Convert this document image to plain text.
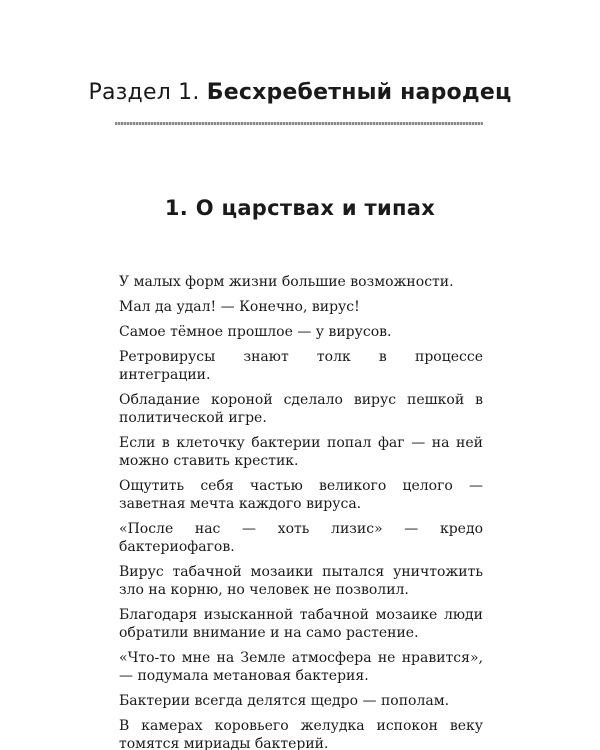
Раздел 1. Бесхребетный народец
1. О царствах и типах

У малых форм жизни большие возможности.

Мал да удал! — Конечно, вирус!

Самое тёмное прошлое — у вирусов.

Ретровирусы знают толк в процессе интеграции.

Обладание короной сделало вирус пешкой в политической игре.

Если в клеточку бактерии попал фаг — на ней можно ставить крестик.

Ощутить себя частью великого целого — заветная мечта каждого вируса.

«После нас — хоть лизис» — кредо бактериофагов.

Вирус табачной мозаики пытался уничтожить зло на корню, но человек не позволил.

Благодаря изысканной табачной мозаике люди обратили внимание и на само растение.

«Что-то мне на Земле атмосфера не нравится», — подумала метановая бактерия.

Бактерии всегда делятся щедро — пополам.

В камерах коровьего желудка испокон веку томятся мириады бактерий.
